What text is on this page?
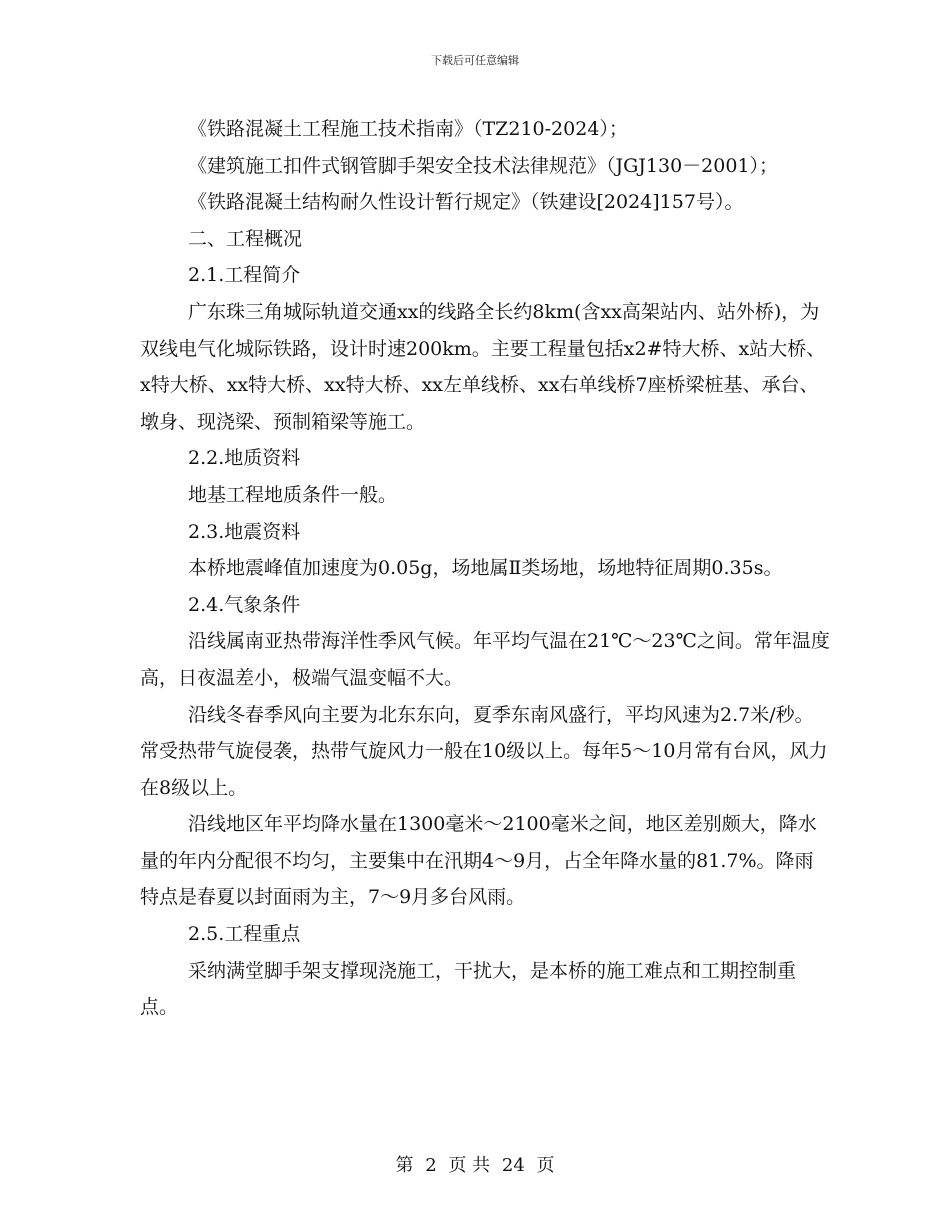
下载后可任意编辑

《铁路混凝土工程施工技术指南》（TZ210-2024）；

《建筑施工扣件式钢管脚手架安全技术法律规范》（JGJ130－2001）；

《铁路混凝土结构耐久性设计暂行规定》（铁建设[2024]157号）。

二、工程概况

2.1.工程简介

广东珠三角城际轨道交通xx的线路全长约8km(含xx高架站内、站外桥)，为双线电气化城际铁路，设计时速200km。主要工程量包括x2#特大桥、x站大桥、x特大桥、xx特大桥、xx特大桥、xx左单线桥、xx右单线桥7座桥梁桩基、承台、墩身、现浇梁、预制箱梁等施工。

2.2.地质资料

地基工程地质条件一般。

2.3.地震资料

本桥地震峰值加速度为0.05g，场地属Ⅱ类场地，场地特征周期0.35s。

2.4.气象条件

沿线属南亚热带海洋性季风气候。年平均气温在21℃～23℃之间。常年温度高，日夜温差小，极端气温变幅不大。

沿线冬春季风向主要为北东东向，夏季东南风盛行，平均风速为2.7米/秒。常受热带气旋侵袭，热带气旋风力一般在10级以上。每年5～10月常有台风，风力在8级以上。

沿线地区年平均降水量在1300毫米～2100毫米之间，地区差别颇大，降水量的年内分配很不均匀，主要集中在汛期4～9月，占全年降水量的81.7%。降雨特点是春夏以封面雨为主，7～9月多台风雨。

2.5.工程重点

采纳满堂脚手架支撑现浇施工，干扰大，是本桥的施工难点和工期控制重点。

第 2 页 共 24 页
